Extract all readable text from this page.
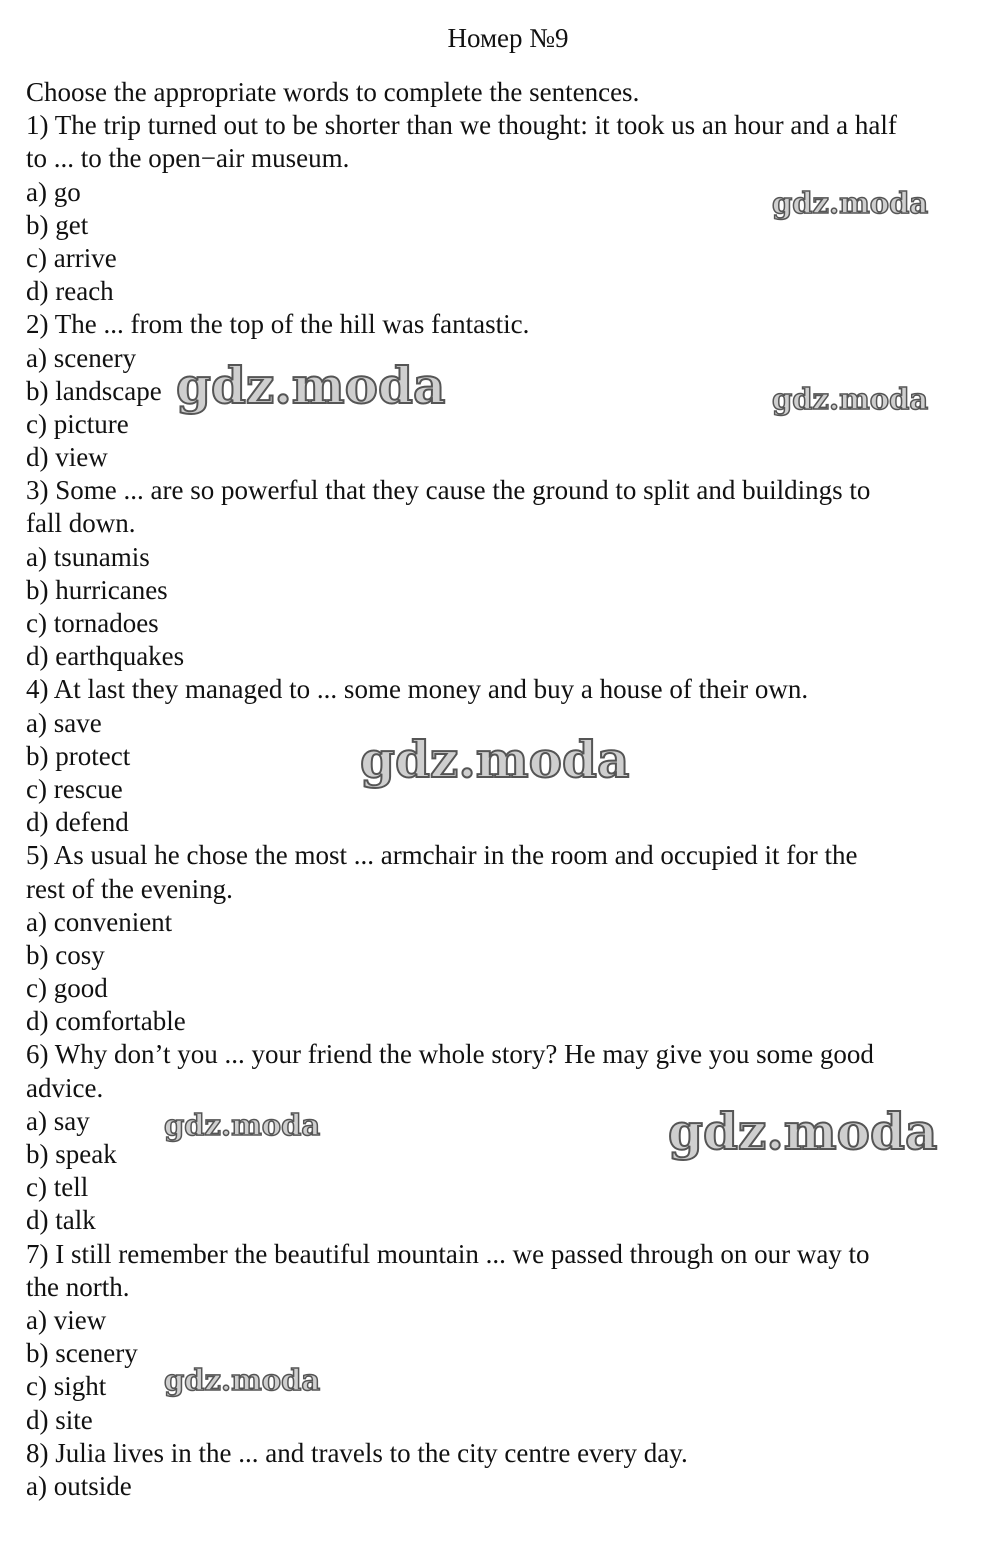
Номер №9
Choose the appropriate words to complete the sentences.
1) The trip turned out to be shorter than we thought: it took us an hour and a half
to ... to the open−air museum.
a) go
b) get
c) arrive
d) reach
2) The ... from the top of the hill was fantastic.
a) scenery
b) landscape
c) picture
d) view
3) Some ... are so powerful that they cause the ground to split and buildings to
fall down.
a) tsunamis
b) hurricanes
c) tornadoes
d) earthquakes
4) At last they managed to ... some money and buy a house of their own.
a) save
b) protect
c) rescue
d) defend
5) As usual he chose the most ... armchair in the room and occupied it for the
rest of the evening.
a) convenient
b) cosy
c) good
d) comfortable
6) Why don’t you ... your friend the whole story? He may give you some good
advice.
a) say
b) speak
c) tell
d) talk
7) I still remember the beautiful mountain ... we passed through on our way to
the north.
a) view
b) scenery
c) sight
d) site
8) Julia lives in the ... and travels to the city centre every day.
a) outside
gdz.moda
gdz.moda	gdz.moda
gdz.moda
gdz.moda	gdz.moda
gdz.moda
